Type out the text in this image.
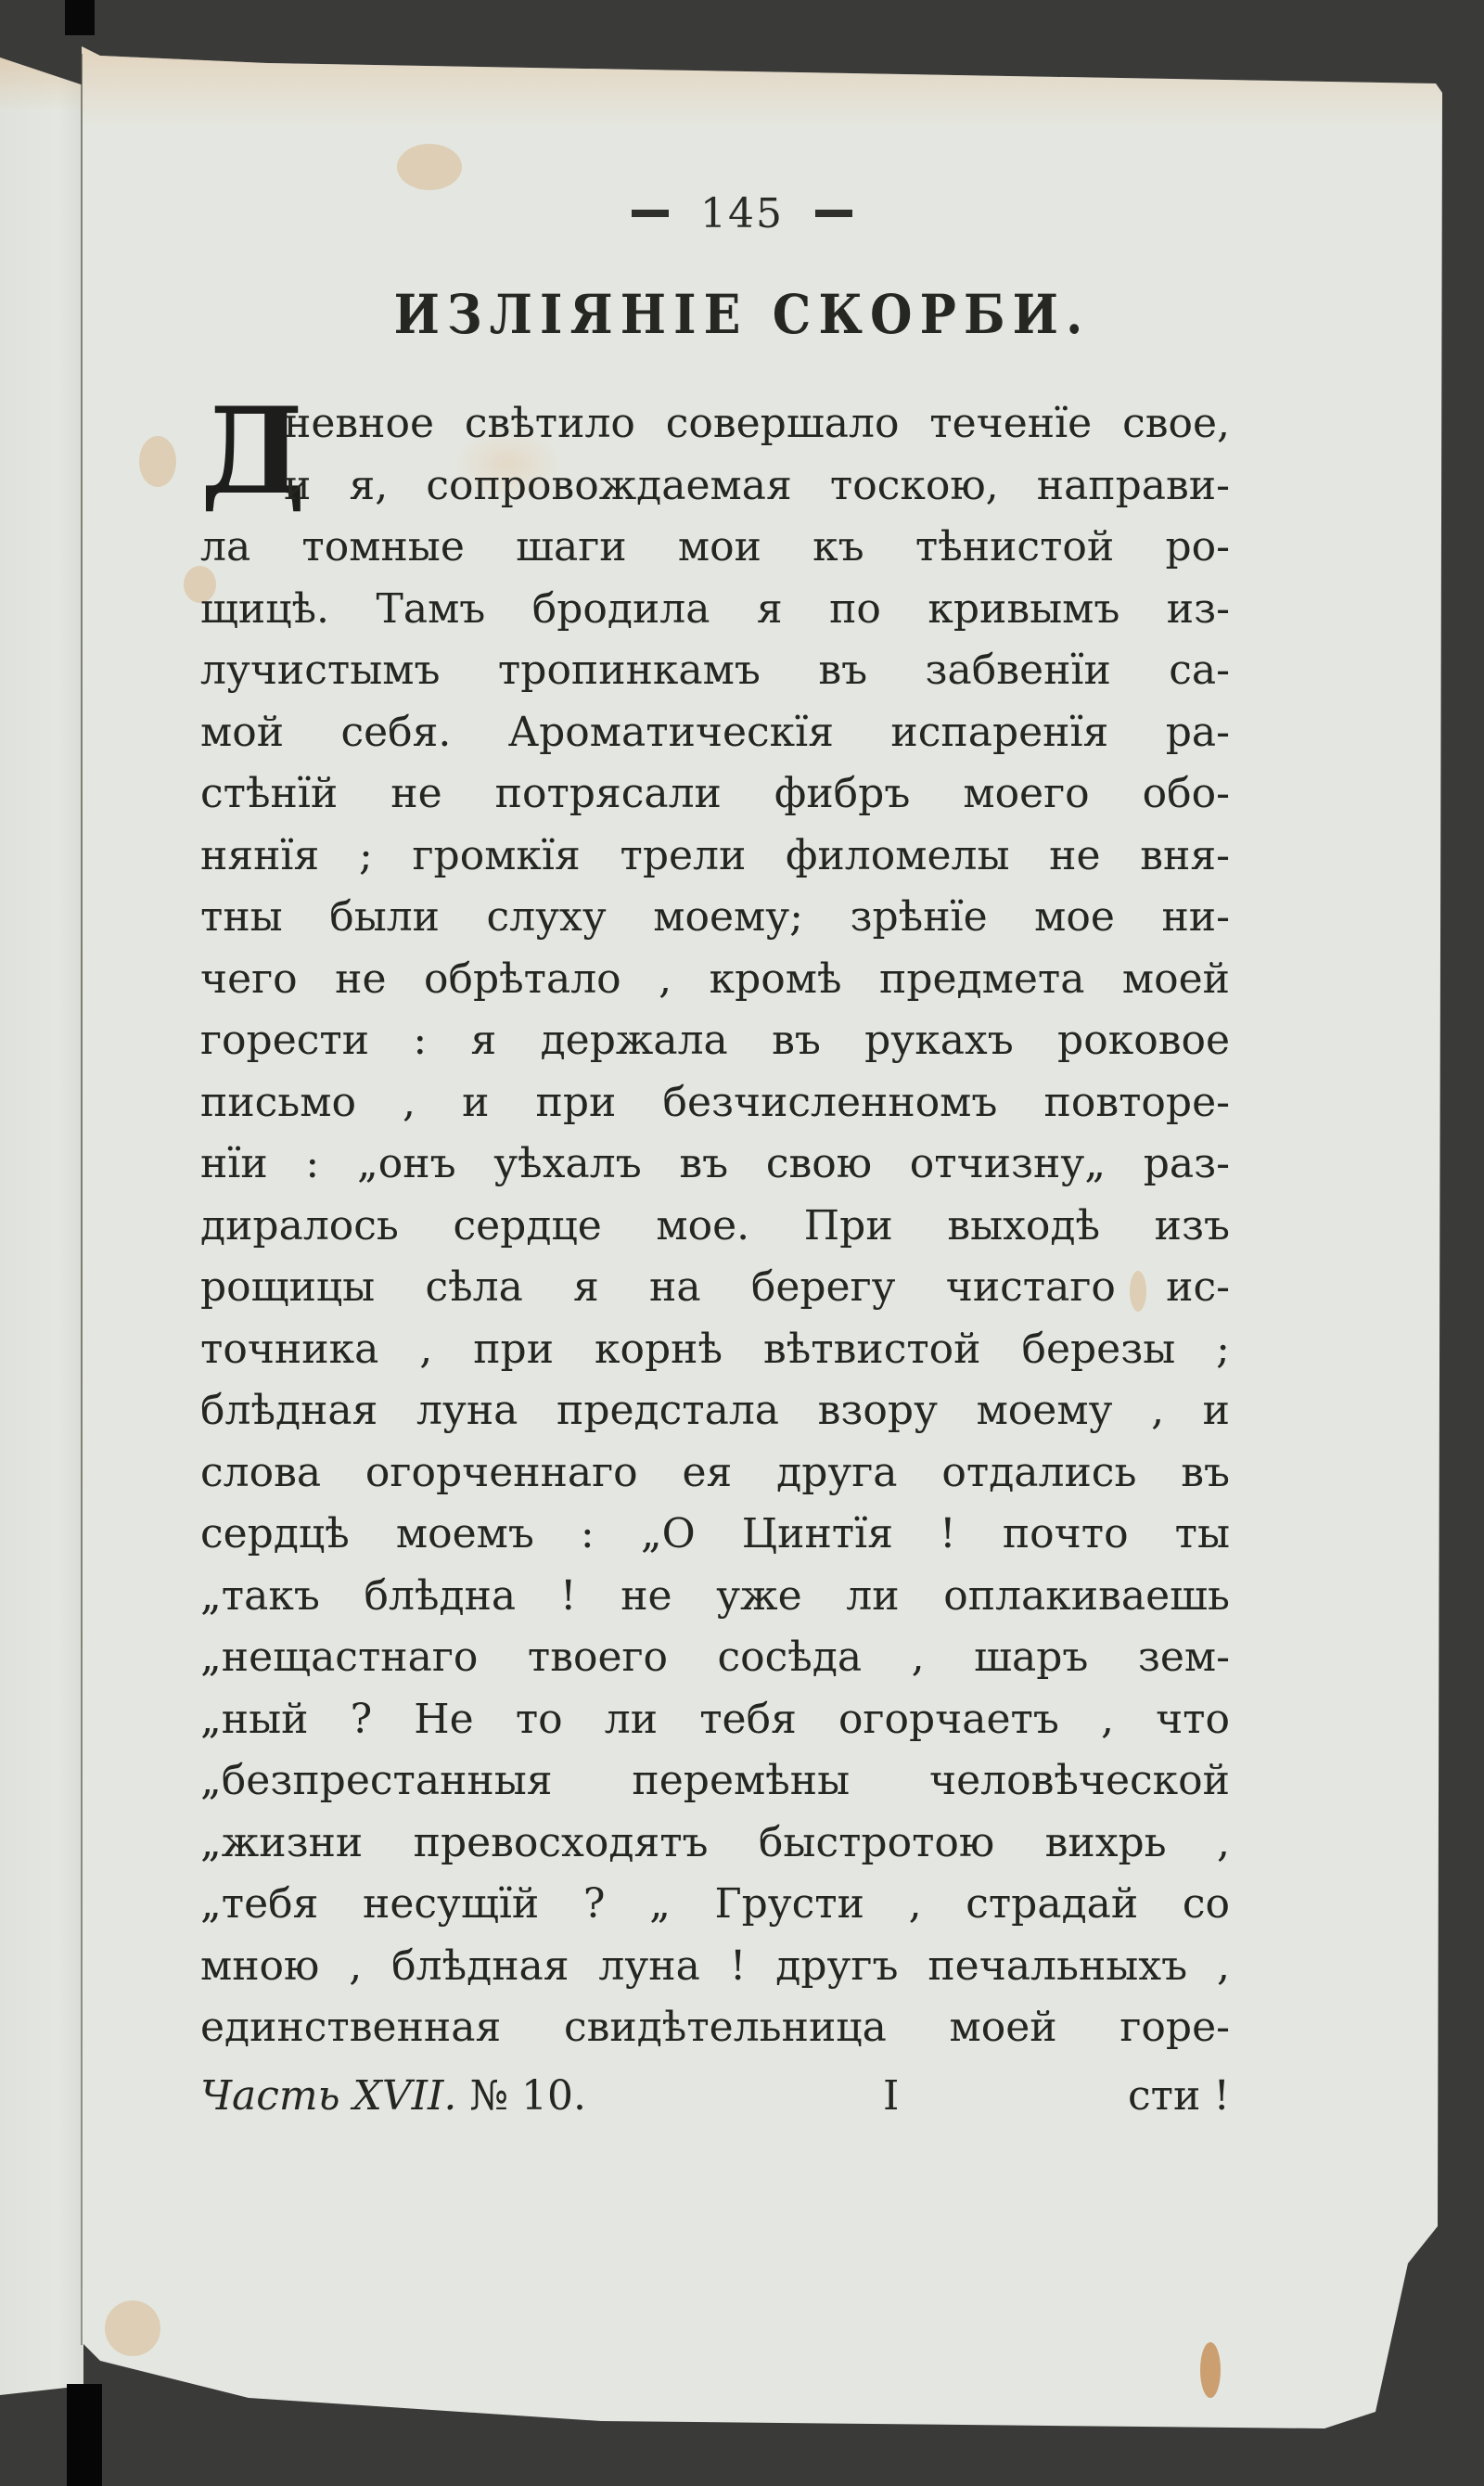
145
ИЗЛIЯНIЕ СКОРБИ.
Д
невное свѣтило совершало теченїе свое,
и я, сопровождаемая тоскою, направи-
ла томные шаги мои къ тѣнистой ро-
щицѣ. Тамъ бродила я по кривымъ из-
лучистымъ тропинкамъ въ забвенїи са-
мой себя. Ароматическїя испаренїя ра-
стѣнїй не потрясали фибръ моего обо-
нянїя ; громкїя трели филомелы не вня-
тны были слуху моему; зрѣнїе мое ни-
чего не обрѣтало , кромѣ предмета моей
горести : я держала въ рукахъ роковое
письмо , и при безчисленномъ повторе-
нїи : „онъ уѣхалъ въ свою отчизну„ раз-
диралось сердце мое. При выходѣ изъ
рощицы сѣла я на берегу чистаго ис-
точника , при корнѣ вѣтвистой березы ;
блѣдная луна предстала взору моему , и
слова огорченнаго ея друга отдались въ
сердцѣ моемъ : „О Цинтїя ! почто ты
„такъ блѣдна ! не уже ли оплакиваешь
„нещастнаго твоего сосѣда , шаръ зем-
„ный ? Не то ли тебя огорчаетъ , что
„безпрестанныя перемѣны человѣческой
„жизни превосходятъ быстротою вихрь ,
„тебя несущїй ? „ Грусти , страдай со
мною , блѣдная луна ! другъ печальныхъ ,
единственная свидѣтельница моей горе-
Часть XVII. № 10.	I	сти !
